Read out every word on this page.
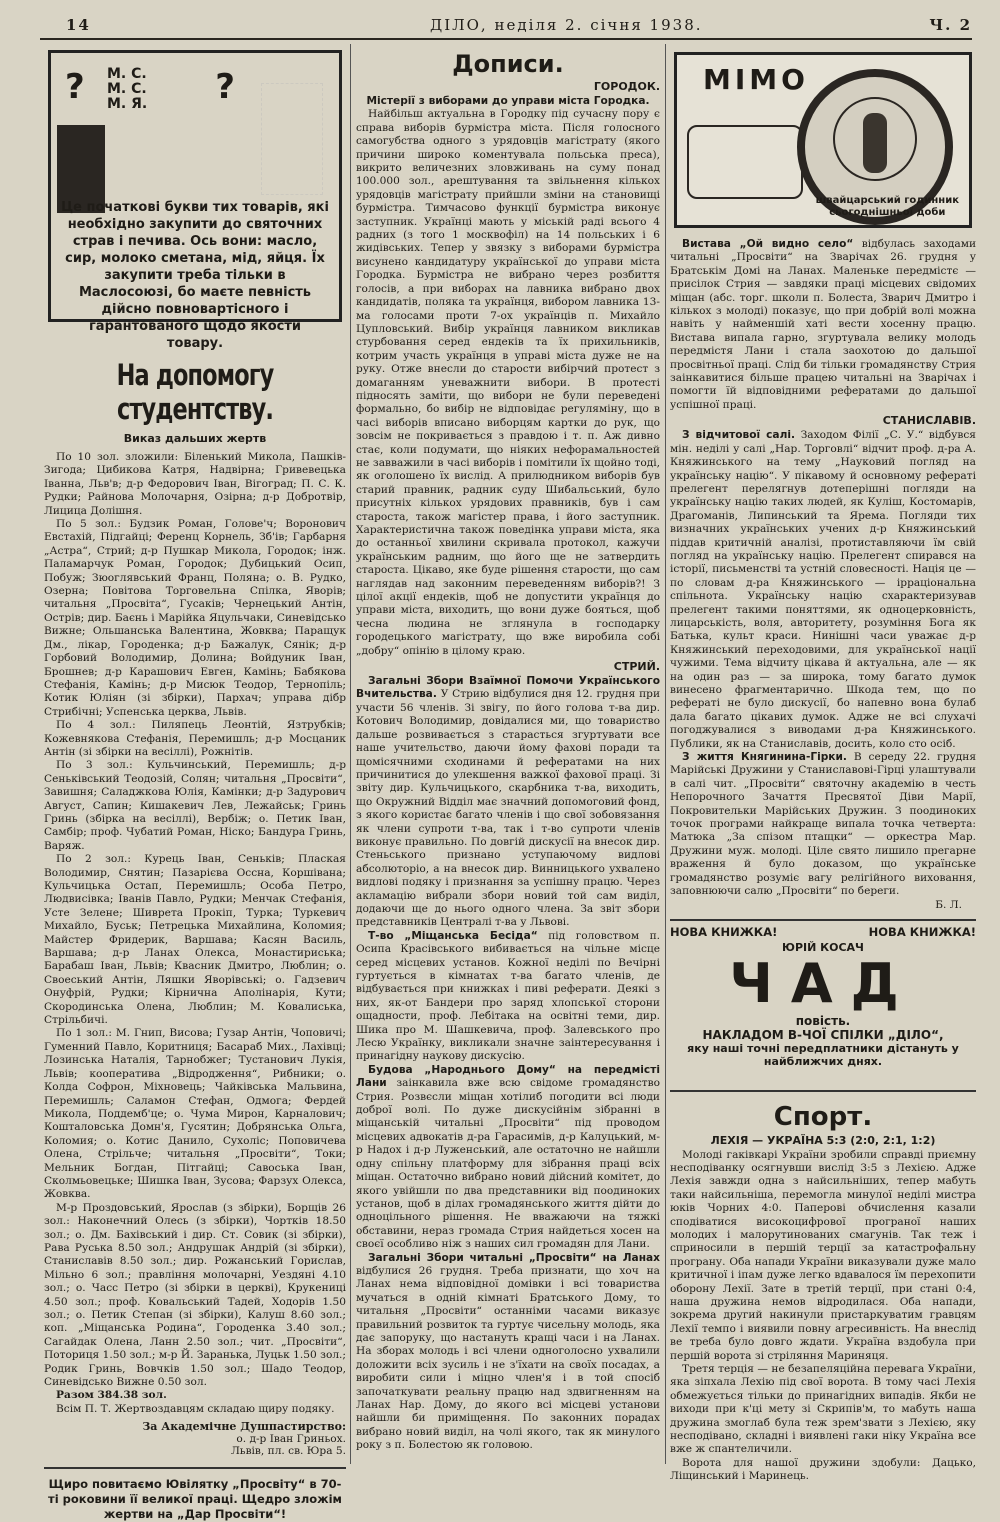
14	ДІЛО, неділя 2. січня 1938.	Ч. 2
? М. С.
М. С.
М. Я. ?
Це початкові букви тих товарів, які необхідно закупити до святочних страв і печива. Ось вони: масло, сир, молоко сметана, мід, яйця. Їх закупити треба тільки в Маслосоюзі, бо маєте певність дійсно повновартісного і гарантованого щодо якости товару.
На допомогу студентству.
Виказ дальших жертв

По 10 зол. зложили: Біленький Микола, Пашків-Зигода; Цибикова Катря, Надвірна; Гривевецька Іванна, Льв'в; д-р Федорович Іван, Вігоград; П. С. К. Рудки; Райнова Молочарня, Озірна; д-р Добротвір, Лицица Долішня.

По 5 зол.: Будзик Роман, Голове'ч; Воронович Евстахій, Підгайці; Ференц Корнель, Зб'ів; Гарбарня „Астра“, Стрий; д-р Пушкар Микола, Городок; інж. Паламарчук Роман, Городок; Дубицький Осип, Побуж; Зюоглявський Франц, Поляна; о. В. Рудко, Озерна; Повітова Торговельна Спілка, Яворів; читальня „Просвіта“, Гусаків; Чернецький Антін, Острів; дир. Баєнь і Марійка Яцульчаки, Синевідсько Вижне; Ольшанська Валентина, Жовква; Паращук Дм., лікар, Городенка; д-р Бажалук, Сянік; д-р Горбовий Володимир, Долина; Войдуник Іван, Брошнев; д-р Карашович Евген, Камінь; Бабякова Стефанія, Камінь; д-р Мисюк Теодор, Тернопіль; Котик Юліян (зі збірки), Пархач; управа дібр Стрибічні; Успенська церква, Львів.

По 4 зол.: Пиляпець Леонтій, Язтрубків; Кожевнякова Стефанія, Перемишль; д-р Мосцаник Антін (зі збірки на весіллі), Рожнітів.

По 3 зол.: Кульчинський, Перемишль; д-р Сеньківський Теодозій, Солян; читальня „Просвіти“, Завишня; Саладжкова Юлія, Камінки; д-р Задурович Август, Сапин; Кишакевич Лев, Лежайськ; Гринь Гринь (збірка на весіллі), Вербіж; о. Петик Іван, Самбір; проф. Чубатий Роман, Ніско; Бандура Гринь, Варяж.

По 2 зол.: Курець Іван, Сеньків; Плаская Володимир, Снятин; Пазарієва Оссна, Коршівана; Кульчицька Остап, Перемишль; Особа Петро, Людвисівка; Іванів Павло, Рудки; Менчак Стефанія, Усте Зелене; Шиврета Прокіп, Турка; Туркевич Михайло, Буськ; Петрецька Михайлина, Коломия; Майстер Фридерик, Варшава; Касян Василь, Варшава; д-р Ланах Олекса, Монастириська; Барабаш Іван, Львів; Квасник Дмитро, Люблин; о. Своеський Антін, Ляшки Яворівські; о. Гадзевич Онуфрій, Рудки; Кірнична Аполінарія, Кути; Скородинська Олена, Люблин; М. Ковалиська, Стрільбичі.

По 1 зол.: М. Гнип, Висова; Гузар Антін, Чоповичі; Гуменний Павло, Коритниця; Басараб Мих., Лахівці; Лозинська Наталія, Тарнобжег; Тустанович Лукія, Львів; кооператива „Відродження“, Рибники; о. Колда Софрон, Міхновець; Чайківська Мальвина, Перемишль; Саламон Стефан, Одмога; Фердей Микола, Поддемб'це; о. Чума Мирон, Карналович; Кошталовська Домн'я, Гусятин; Добрянська Ольга, Коломия; о. Котис Данило, Сухоліс; Поповичева Олена, Стрільче; читальня „Просвіти“, Токи; Мельник Богдан, Пітгайці; Савоська Іван, Сколмьовецьке; Шишка Іван, Зусова; Фарзух Олекса, Жовква.

М-р Проздовський, Ярослав (з збірки), Борщів 26 зол.: Наконечний Олесь (з збірки), Чортків 18.50 зол.; о. Дм. Бахівський і дир. Ст. Совик (зі збірки), Рава Руська 8.50 зол.; Андрушак Андрій (зі збірки), Станиславів 8.50 зол.; дир. Рожанський Горислав, Мільно 6 зол.; правління молочарні, Уездяні 4.10 зол.; о. Часс Петро (зі збірки в церкві), Крукениці 4.50 зол.; проф. Ковальський Тадей, Ходорів 1.50 зол.; о. Петик Степан (зі збірки), Калуш 8.60 зол.; коп. „Міщанська Родина“, Городенка 3.40 зол.; Сагайдак Олена, Ланн 2.50 зол.; чит. „Просвіти“, Поториця 1.50 зол.; м-р Й. Заранька, Луцьк 1.50 зол.; Родик Гринь, Вовчків 1.50 зол.; Шадо Теодор, Синевідсько Вижне 0.50 зол.

Разом 384.38 зол.

Всім П. Т. Жертвоздавцям складаю щиру подяку.

За Академічне Душпастирство:

о. д-р Іван Гриньох.

Львів, пл. св. Юра 5.

Щиро повитаємо Ювілятку „Просвіту“ в 70-ті роковини її великої праці. Щедро зложім жертви на „Дар Просвіти“!
Дописи.
ГОРОДОК.

Містерії з виборами до управи міста Городка.

Найбільш актуальна в Городку під сучасну пору є справа виборів бурмістра міста. Після голосного самогубства одного з урядовців магістрату (якого причини широко коментувала польська преса), викрито величезних зловживань на суму понад 100.000 зол., арештування та звільнення кількох урядовців магістрату прийшли зміни на становищі бурмістра. Тимчасово функції бурмістра виконує заступник. Українці мають у міській раді всього 4 радних (з того 1 москвофіл) на 14 польських і 6 жидівських. Тепер у звязку з виборами бурмістра висунено кандидатуру української до управи міста Городка. Бурмістра не вибрано через розбиття голосів, а при виборах на лавника вибрано двох кандидатів, поляка та українця, вибором лавника 13-ма голосами проти 7-ох українців п. Михайло Цупловський. Вибір українця лавником викликав стурбовання серед ендеків та їх прихильників, котрим участь українця в управі міста дуже не на руку. Отже внесли до старости вибірчий протест з домаганням уневажнити вибори. В протесті підносять заміти, що вибори не були переведені формально, бо вибір не відповідає регуляміну, що в часі виборів вписано виборцям картки до рук, що зовсім не покривається з правдою і т. п. Аж дивно стає, коли подумати, що ніяких нефорамальностей не завважили в часі виборів і помітили їх щойно тоді, як оголошено їх вислід. А прилюдником виборів був старий правник, радник суду Шибальський, було присутніх кількох урядових правників, був і сам староста, також магістер права, і його заступник. Характеристична також поведінка управи міста, яка до останньої хвилини скривала протокол, кажучи українським радним, що його ще не затвердить староста. Цікаво, яке буде рішення старости, що сам наглядав над законним переведенням виборів?! З цілої акції ендеків, щоб не допустити українця до управи міста, виходить, що вони дуже бояться, щоб чесна людина не зглянула в господарку городецького магістрату, що вже виробила собі „добру“ опінію в цілому краю.

СТРИЙ.

Загальні Збори Взаїмної Помочи Українського Вчительства. У Стрию відбулися дня 12. грудня при участи 56 членів. Зі звігу, по його голова т-ва дир. Котович Володимир, довідалися ми, що товариство дальше розвивається з старасться згуртувати все наше учительство, даючи йому фахові поради та щомісячними сходинами й рефератами на них причинитися до улекшення важкої фахової праці. Зі звіту дир. Кульчицького, скарбника т-ва, виходить, що Окружний Відділ має значний допомоговий фонд, з якого користає багато членів і що свої зобовязання як члени супроти т-ва, так і т-во супроти членів виконує правильно. По довгій дискусії на внесок дир. Стеньського признано уступаючому видлові абсолюторіо, а на внесок дир. Винницького ухвалено видлові подяку і признання за успішну працю. Через акламацію вибрали збори новий той сам виділ, додаючи ще до нього одного члена. За звіт збори представників Централі т-ва у Львові.

Т-во „Міщанська Бесіда“ під головством п. Осипа Красівського вибивається на чільне місце серед місцевих установ. Кожної неділі по Вечірні гуртується в кімнатах т-ва багато членів, де відбувається при книжках і пиві реферати. Деякі з них, як-от Бандери про заряд хлопської сторони ощадности, проф. Лебітака на освітні теми, дир. Шика про М. Шашкевича, проф. Залевського про Лесю Українку, викликали значне заінтересування і принагідну наукову дискусію.

Будова „Народнього Дому“ на передмісті Лани заінкавила вже всю свідоме громадянство Стрия. Розвєсли міщан хотілиб погодити всі люди доброї волі. По дуже дискусійнім зібранні в міщанській читальні „Просвіти“ під проводом місцевих адвокатів д-ра Гарасимів, д-р Калуцький, м-р Надох і д-р Луженський, але остаточно не найшли одну спільну платформу для зібрання праці всіх міщан. Остаточно вибрано новий дійсний комітет, до якого увійшли по два представники від поодиноких установ, щоб в ділах громадянського життя дійти до одноцільного рішення. Не вважаючи на тяжкі обставини, нераз громада Стрия найдеться хосен на своєї особливо ніж з наших сил громадян для Лани.

Загальні Збори читальні „Просвіти“ на Ланах відбулися 26 грудня. Треба признати, що хоч на Ланах нема відповідної домівки і всі товариства мучаться в одній кімнаті Братського Дому, то читальня „Просвіти“ останніми часами виказує правильний розвиток та гуртує чисельну молодь, яка дає запоруку, що настануть кращі часи і на Ланах. На зборах молодь і всі члени одноголосно ухвалили доложити всіх зусиль і не з'їхати на своїх посадах, а виробити сили і міцно член'я і в той спосіб започаткувати реальну працю над здвигненням на Ланах Нар. Дому, до якого всі місцеві установи найшли би приміщення. По законних порадах вибрано новий виділ, на чолі якого, так як минулого року з п. Болестою як головою.

MIMO
швайцарський годинник
сьогоднішньої доби

Вистава „Ой видно село“ відбулась заходами читальні „Просвіти“ на Зварічах 26. грудня у Братськім Домі на Ланах. Маленьке передмістє — присілок Стрия — завдяки праці місцевих свідомих міщан (абс. торг. школи п. Болеста, Зварич Дмитро і кількох з молоді) показує, що при добрій волі можна навіть у найменшій хаті вести хосенну працю. Вистава випала гарно, згуртувала велику молодь передмістя Лани і стала заохотою до дальшої просвітньої праці. Слід би тільки громадянству Стрия заінкавитися більше працею читальні на Зварічах і помогти їй відповідними рефератами до дальшої успішної праці.

СТАНИСЛАВІВ.

З відчитової салі. Заходом Філії „С. У.“ відбувся мін. неділі у салі „Нар. Торговлі“ відчит проф. д-ра А. Княжинського на тему „Науковий погляд на українську націю“. У пікавому й основному рефераті прелегент перелягнув дотеперішні погляди на українську націю таких людей, як Куліш, Костомарів, Драгоманів, Липинський та Ярема. Погляди тих визначних українських учених д-р Княжинський піддав критичній аналізі, протиставляючи їм свій погляд на українську націю. Прелегент спирався на історії, письменстві та устній словесності. Нація це — по словам д-ра Княжинського — ірраціональна спільнота. Українську націю схарактеризував прелегент такими поняттями, як одноцерковність, лицарськість, воля, авторитету, розуміння Бога як Батька, культ краси. Нинішні часи уважає д-р Княжинський переходовими, для української нації чужими. Тема відчиту цікава й актуальна, але — як на один раз — за широка, тому багато думок винесено фрагментарично. Шкода тем, що по рефераті не було дискусії, бо напевно вона булаб дала багато цікавих думок. Адже не всі слухачі погоджувалися з виводами д-ра Княжинського. Публики, як на Станиславів, досить, коло сто осіб.

З життя Княгинина-Гірки. В середу 22. грудня Марійські Дружини у Станиславові-Гірці улаштували в салі чит. „Просвіти“ святочну академію в честь Непорочного Зачаття Пресвятої Діви Марії, Покровительки Марійських Дружин. З поодиноких точок програми найкраще випала точка четверта: Матюка „За спізом птащки“ — оркестра Мар. Дружини муж. молоді. Ціле свято лишило прегарне враження й було доказом, що українське громадянство розуміє вагу релігійного виховання, заповнюючи салю „Просвіти“ по береги.

Б. Л.

НОВА КНИЖКА!	НОВА КНИЖКА!
ЮРІЙ КОСАЧ
ЧАД
повість.
НАКЛАДОМ В-ЧОЇ СПІЛКИ „ДІЛО“,
яку наші точні передплатники дістануть у найближчих днях.
Спорт.
ЛЕХІЯ — УКРАЇНА 5:3 (2:0, 2:1, 1:2)

Молоді гаківкарі України зробили справді приємну несподіванку осягнувши вислід 3:5 з Лехією. Адже Лехія завжди одна з найсильніших, тепер мабуть таки найсильніша, перемогла минулої неділі мистра юків Чорних 4:0. Паперові обчислення казали сподіватися високоцифрової програної наших молодих і малорутинованих смагунів. Так теж і сприносили в першій терції за катастрофальну програну. Оба напади України виказували дуже мало критичної і іпам дуже легко вдавалося їм перехопити оборону Лехії. Зате в третій терції, при стані 0:4, наша дружина немов відродилася. Оба напади, зокрема другий накинули пристаркуватим гравцям Лехії темпо і виявили повну агресивність. На внеслід ве треба було довго ждати. Україна вздобула при першій ворота зі стріляння Мариняця.

Третя терція — не безапеляційна перевага України, яка зіпхала Лехію під свої ворота. В тому часі Лехія обмежується тільки до принагідних випадів. Якби не виходи при к'ці мету зі Скрипів'м, то мабуть наша дружина змоглаб була теж зрем'звати з Лехією, яку несподівано, складні і виявлені гаки ніку Україна все вже ж спантеличили.

Ворота для нашої дружини здобули: Дацько, Ліщинський і Маринець.
